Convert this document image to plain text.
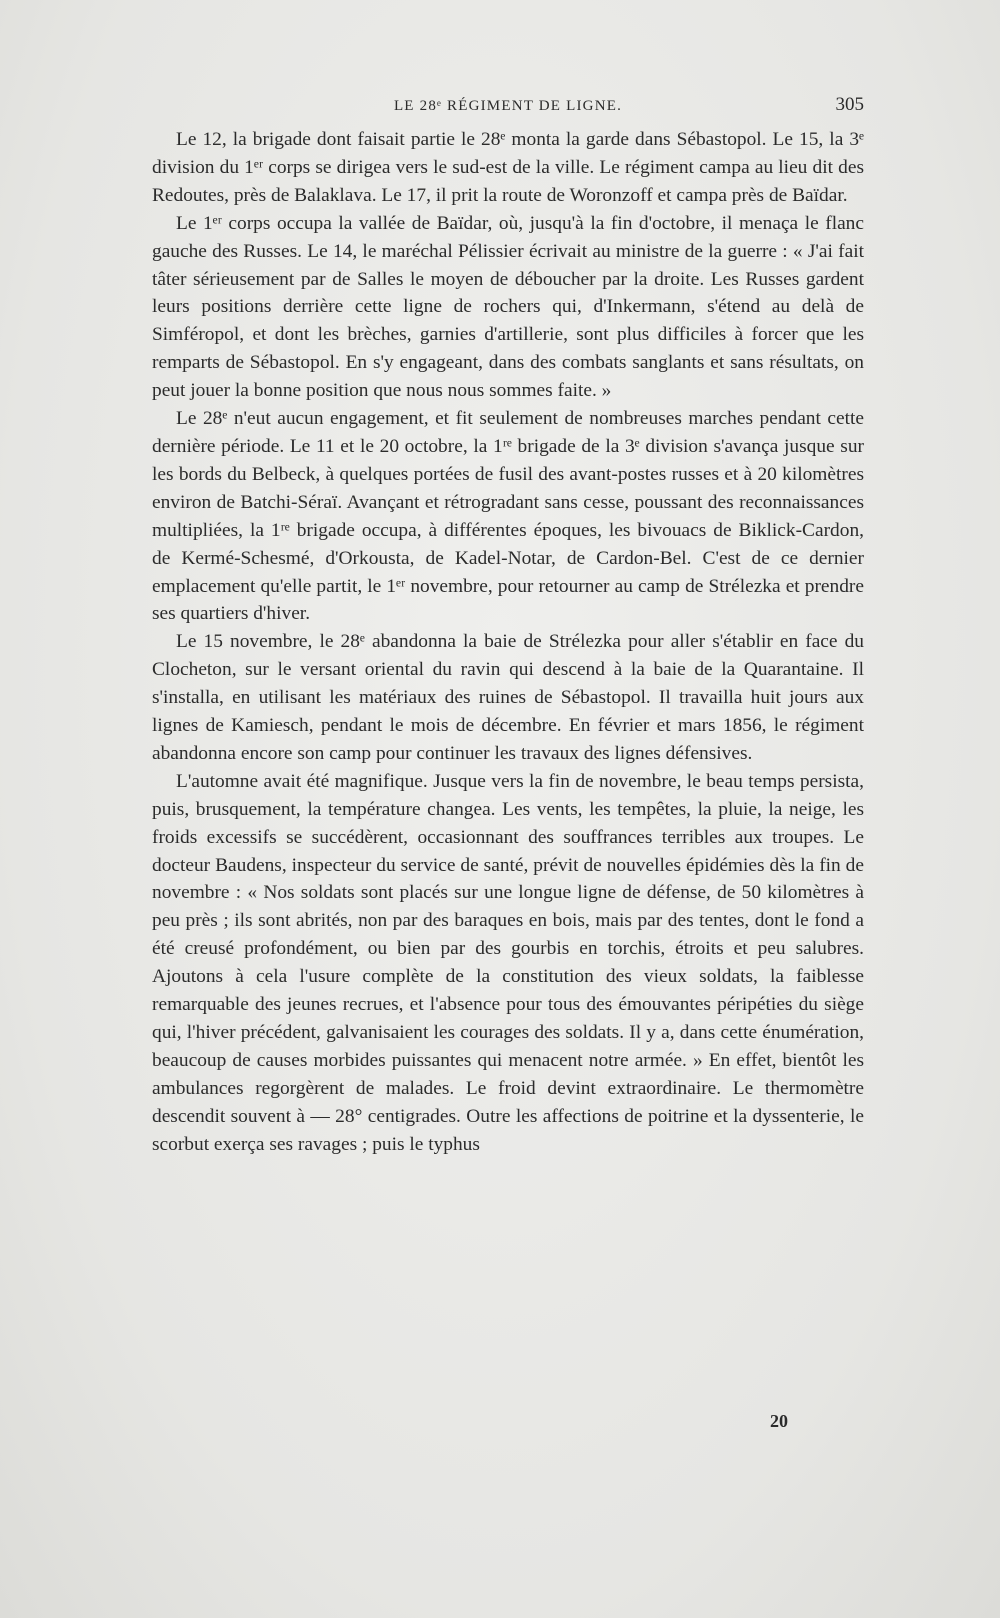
LE 28ᵉ RÉGIMENT DE LIGNE.	305

Le 12, la brigade dont faisait partie le 28ᵉ monta la garde dans Sébastopol. Le 15, la 3ᵉ division du 1ᵉʳ corps se dirigea vers le sud-est de la ville. Le régiment campa au lieu dit des Redoutes, près de Balaklava. Le 17, il prit la route de Woronzoff et campa près de Baïdar.

Le 1ᵉʳ corps occupa la vallée de Baïdar, où, jusqu'à la fin d'octobre, il menaça le flanc gauche des Russes. Le 14, le maréchal Pélissier écrivait au ministre de la guerre : « J'ai fait tâter sérieusement par de Salles le moyen de déboucher par la droite. Les Russes gardent leurs positions derrière cette ligne de rochers qui, d'Inkermann, s'étend au delà de Simféropol, et dont les brèches, garnies d'artillerie, sont plus difficiles à forcer que les remparts de Sébastopol. En s'y engageant, dans des combats sanglants et sans résultats, on peut jouer la bonne position que nous nous sommes faite. »

Le 28ᵉ n'eut aucun engagement, et fit seulement de nombreuses marches pendant cette dernière période. Le 11 et le 20 octobre, la 1ʳᵉ brigade de la 3ᵉ division s'avança jusque sur les bords du Belbeck, à quelques portées de fusil des avant-postes russes et à 20 kilomètres environ de Batchi-Séraï. Avançant et rétrogradant sans cesse, poussant des reconnaissances multipliées, la 1ʳᵉ brigade occupa, à différentes époques, les bivouacs de Biklick-Cardon, de Kermé-Schesmé, d'Orkousta, de Kadel-Notar, de Cardon-Bel. C'est de ce dernier emplacement qu'elle partit, le 1ᵉʳ novembre, pour retourner au camp de Strélezka et prendre ses quartiers d'hiver.

Le 15 novembre, le 28ᵉ abandonna la baie de Strélezka pour aller s'établir en face du Clocheton, sur le versant oriental du ravin qui descend à la baie de la Quarantaine. Il s'installa, en utilisant les matériaux des ruines de Sébastopol. Il travailla huit jours aux lignes de Kamiesch, pendant le mois de décembre. En février et mars 1856, le régiment abandonna encore son camp pour continuer les travaux des lignes défensives.

L'automne avait été magnifique. Jusque vers la fin de novembre, le beau temps persista, puis, brusquement, la température changea. Les vents, les tempêtes, la pluie, la neige, les froids excessifs se succédèrent, occasionnant des souffrances terribles aux troupes. Le docteur Baudens, inspecteur du service de santé, prévit de nouvelles épidémies dès la fin de novembre : « Nos soldats sont placés sur une longue ligne de défense, de 50 kilomètres à peu près ; ils sont abrités, non par des baraques en bois, mais par des tentes, dont le fond a été creusé profondément, ou bien par des gourbis en torchis, étroits et peu salubres. Ajoutons à cela l'usure complète de la constitution des vieux soldats, la faiblesse remarquable des jeunes recrues, et l'absence pour tous des émouvantes péripéties du siège qui, l'hiver précédent, galvanisaient les courages des soldats. Il y a, dans cette énumération, beaucoup de causes morbides puissantes qui menacent notre armée. » En effet, bientôt les ambulances regorgèrent de malades. Le froid devint extraordinaire. Le thermomètre descendit souvent à — 28° centigrades. Outre les affections de poitrine et la dyssenterie, le scorbut exerça ses ravages ; puis le typhus

20
